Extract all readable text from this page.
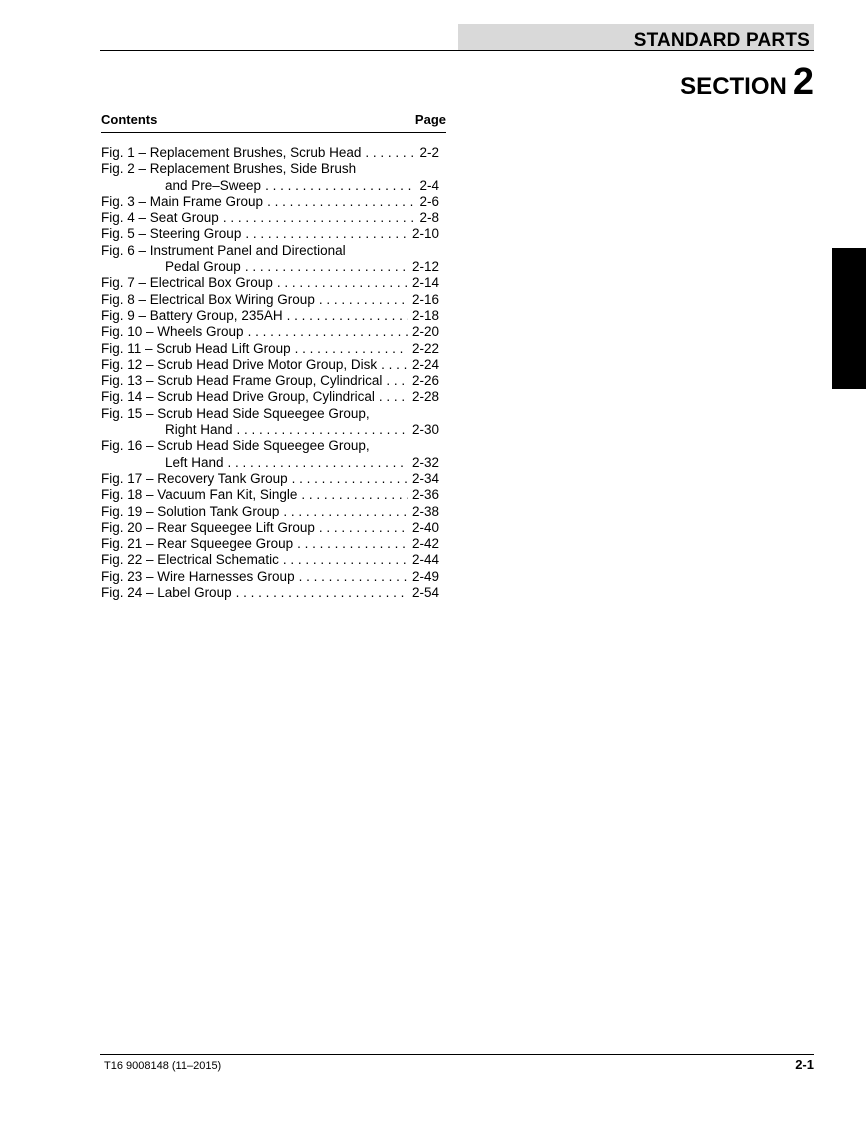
STANDARD PARTS
SECTION 2
Contents	Page
Fig. 1 – Replacement Brushes, Scrub Head . . .	2-2
Fig. 2 – Replacement Brushes, Side Brush
and Pre–Sweep . . .	2-4
Fig. 3 – Main Frame Group . . .	2-6
Fig. 4 – Seat Group . . .	2-8
Fig. 5 – Steering Group . . .	2-10
Fig. 6 – Instrument Panel and Directional
Pedal Group . . .	2-12
Fig. 7 – Electrical Box Group . . .	2-14
Fig. 8 – Electrical Box Wiring Group . . .	2-16
Fig. 9 – Battery Group, 235AH . . .	2-18
Fig. 10 – Wheels Group . . .	2-20
Fig. 11 – Scrub Head Lift Group . . .	2-22
Fig. 12 – Scrub Head Drive Motor Group, Disk . . .	2-24
Fig. 13 – Scrub Head Frame Group, Cylindrical . . . 2-26
Fig. 14 – Scrub Head Drive Group, Cylindrical . . .	2-28
Fig. 15 – Scrub Head Side Squeegee Group,
Right Hand . . .	2-30
Fig. 16 – Scrub Head Side Squeegee Group,
Left Hand . . .	2-32
Fig. 17 – Recovery Tank Group . . .	2-34
Fig. 18 – Vacuum Fan Kit, Single . . .	2-36
Fig. 19 – Solution Tank Group . . .	2-38
Fig. 20 – Rear Squeegee Lift Group . . .	2-40
Fig. 21 – Rear Squeegee Group . . .	2-42
Fig. 22 – Electrical Schematic . . .	2-44
Fig. 23 – Wire Harnesses Group . . .	2-49
Fig. 24 – Label Group . . .	2-54
T16 9008148 (11–2015)	2-1
